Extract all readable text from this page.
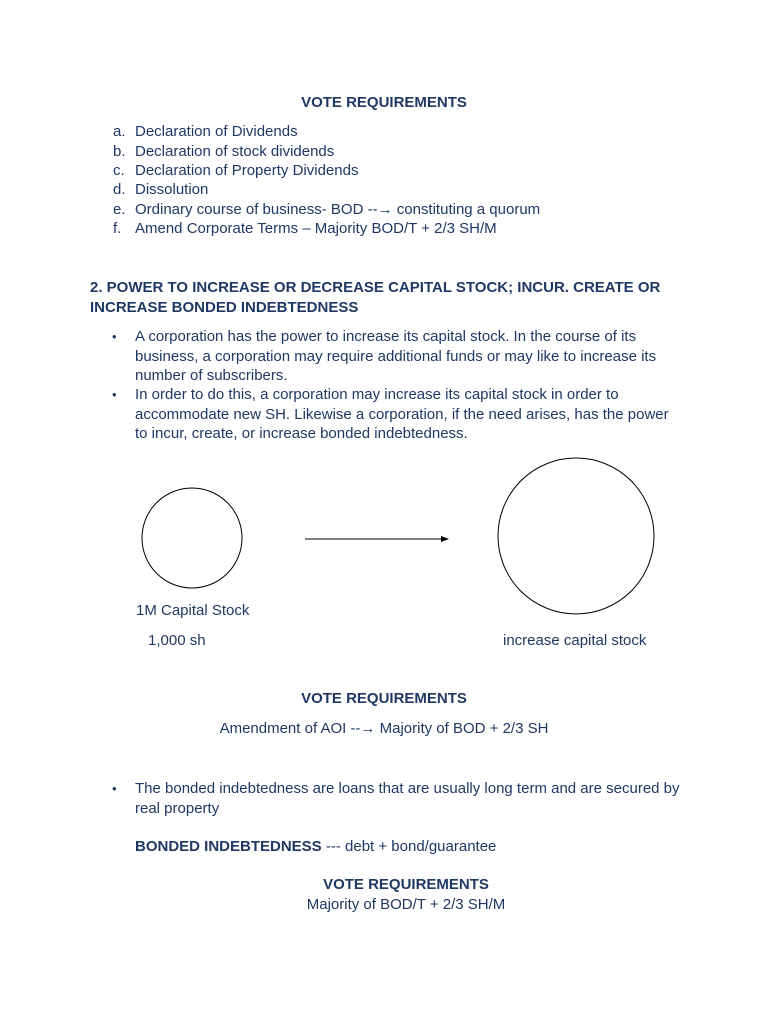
VOTE REQUIREMENTS
a. Declaration of Dividends
b. Declaration of stock dividends
c. Declaration of Property Dividends
d. Dissolution
e. Ordinary course of business- BOD --→ constituting a quorum
f. Amend Corporate Terms – Majority BOD/T + 2/3 SH/M
2. POWER TO INCREASE OR DECREASE CAPITAL STOCK; INCUR. CREATE OR INCREASE BONDED INDEBTEDNESS
• A corporation has the power to increase its capital stock. In the course of its business, a corporation may require additional funds or may like to increase its number of subscribers.
• In order to do this, a corporation may increase its capital stock in order to accommodate new SH. Likewise a corporation, if the need arises, has the power to incur, create, or increase bonded indebtedness.
1M Capital Stock
1,000 sh	increase capital stock
VOTE REQUIREMENTS
Amendment of AOI --→ Majority of BOD + 2/3 SH
• The bonded indebtedness are loans that are usually long term and are secured by real property
BONDED INDEBTEDNESS --- debt + bond/guarantee
VOTE REQUIREMENTS
Majority of BOD/T + 2/3 SH/M
